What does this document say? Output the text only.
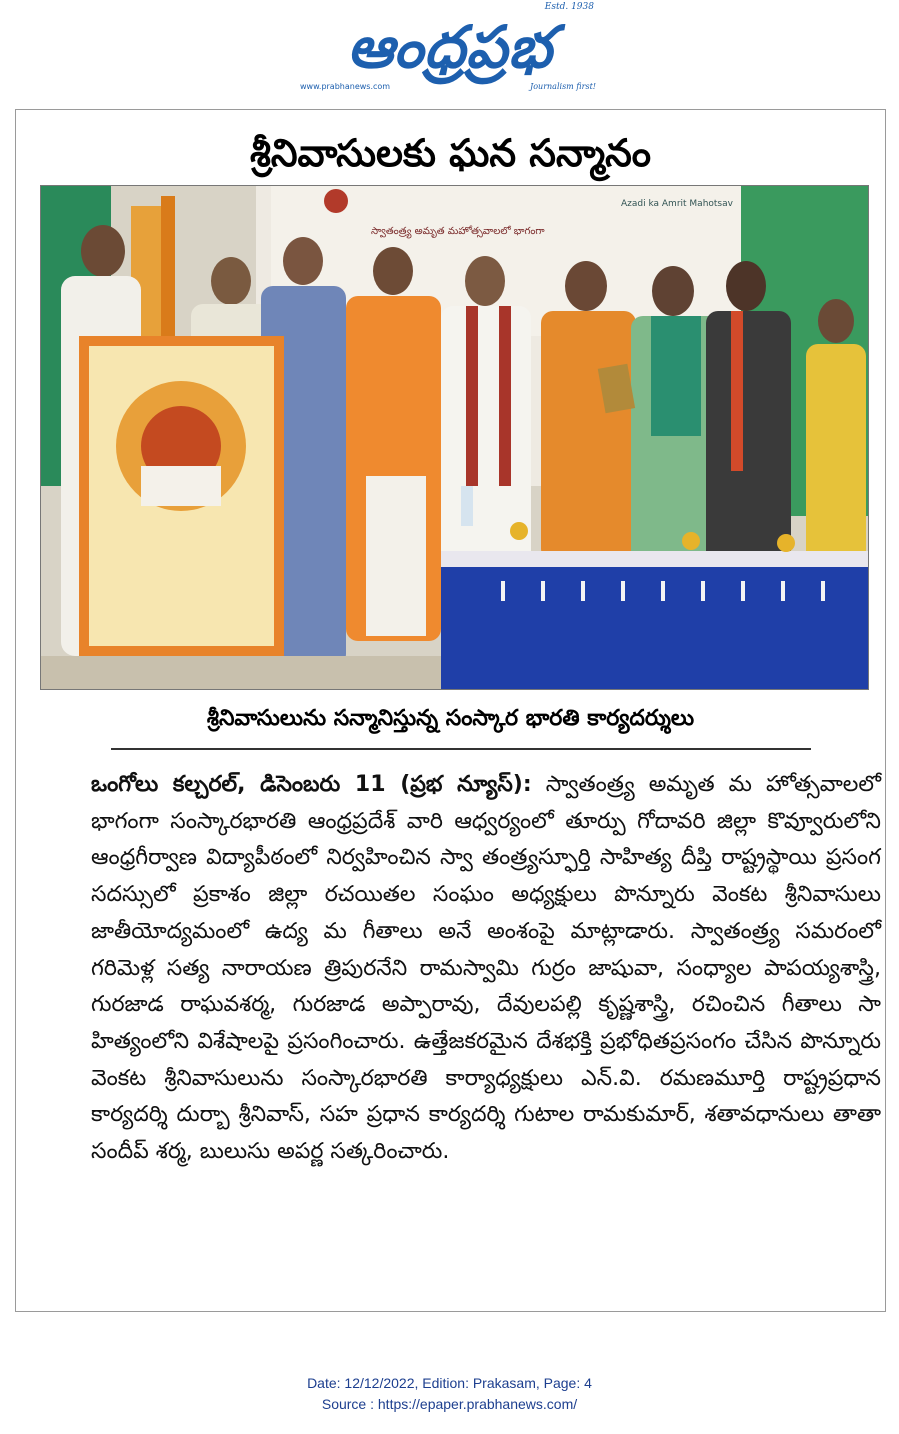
ఆంధ్రప్రభ
Estd. 1938
www.prabhanews.com	Journalism first!
శ్రీనివాసులకు ఘన సన్మానం
స్వాతంత్ర్య అమృత మహోత్సవాలలో భాగంగా
Azadi ka Amrit Mahotsav
శ్రీనివాసులును సన్మానిస్తున్న సంస్కార భారతి కార్యదర్శులు
ఒంగోలు కల్చరల్, డిసెంబరు 11 (ప్రభ న్యూస్): స్వాతంత్ర్య అమృత మ హోత్సవాలలో భాగంగా సంస్కారభారతి ఆంధ్రప్రదేశ్ వారి ఆధ్వర్యంలో తూర్పు గోదావరి జిల్లా కొవ్వూరులోని ఆంధ్రగీర్వాణ విద్యాపీఠంలో నిర్వహించిన స్వా తంత్ర్యస్ఫూర్తి సాహిత్య దీప్తి రాష్ట్రస్థాయి ప్రసంగ సదస్సులో ప్రకాశం జిల్లా రచయితల సంఘం అధ్యక్షులు పొన్నూరు వెంకట శ్రీనివాసులు జాతీయోద్యమంలో ఉద్య మ గీతాలు అనే అంశంపై మాట్లాడారు. స్వాతంత్ర్య సమరంలో గరిమెళ్ల సత్య నారాయణ త్రిపురనేని రామస్వామి గుర్రం జాషువా, సంధ్యాల పాపయ్యశాస్త్రి, గురజాడ రాఘవశర్మ, గురజాడ అప్పారావు, దేవులపల్లి కృష్ణశాస్త్రి, రచించిన గీతాలు సా హిత్యంలోని విశేషాలపై ప్రసంగించారు. ఉత్తేజకరమైన దేశభక్తి ప్రభోధితప్రసంగం చేసిన పొన్నూరు వెంకట శ్రీనివాసులును సంస్కారభారతి కార్యాధ్యక్షులు ఎన్.వి. రమణమూర్తి రాష్ట్రప్రధాన కార్యదర్శి దుర్బా శ్రీనివాస్, సహ ప్రధాన కార్యదర్శి గుటాల రామకుమార్, శతావధానులు తాతా సందీప్ శర్మ, బులుసు అపర్ణ సత్కరించారు.
Date: 12/12/2022, Edition: Prakasam, Page: 4
Source : https://epaper.prabhanews.com/
